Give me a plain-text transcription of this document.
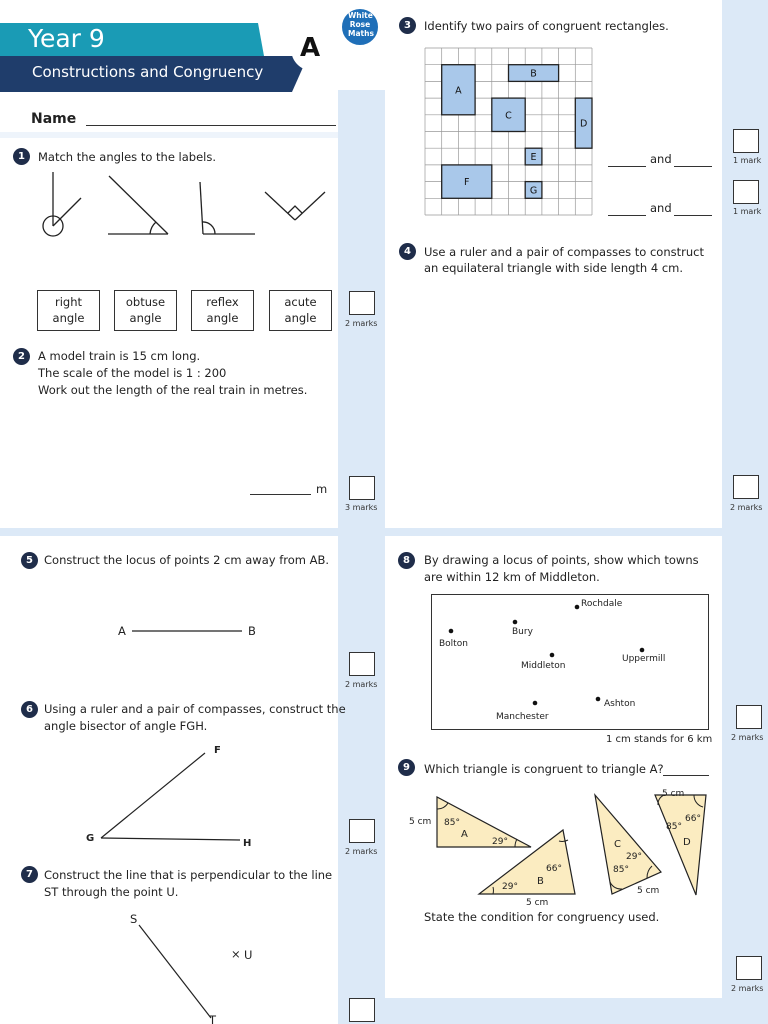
Year 9
Constructions and Congruency
A
White
Rose
Maths
Name
1	Match the angles to the labels.
right
angle
obtuse
angle
reflex
angle
acute
angle	2 marks
2	A model train is 15 cm long.
The scale of the model is 1 : 200
Work out the length of the real train in metres.
m
3 marks
3	Identify two pairs of congruent rectangles.
A
B
C
D
E
F
G
and
and
1 mark
1 mark
4	Use a ruler and a pair of compasses to construct
an equilateral triangle with side length 4 cm.
2 marks
5 Construct the locus of points 2 cm away from AB.
A	B
2 marks
6 Using a ruler and a pair of compasses, construct the
angle bisector of angle FGH.
F
G	H
2 marks
7 Construct the line that is perpendicular to the line
ST through the point U.
S
T
× U
8	By drawing a locus of points, show which towns
are within 12 km of Middleton.
Rochdale
Bury
Bolton
Middleton
Uppermill
Manchester
Ashton
1 cm stands for 6 km 2 marks
9	Which triangle is congruent to triangle A?
A
B
C	D
5 cm 85°
29°
66°
29°
5 cm
29°
85°
5 cm
5 cm
85°
66°
State the condition for congruency used.
2 marks
